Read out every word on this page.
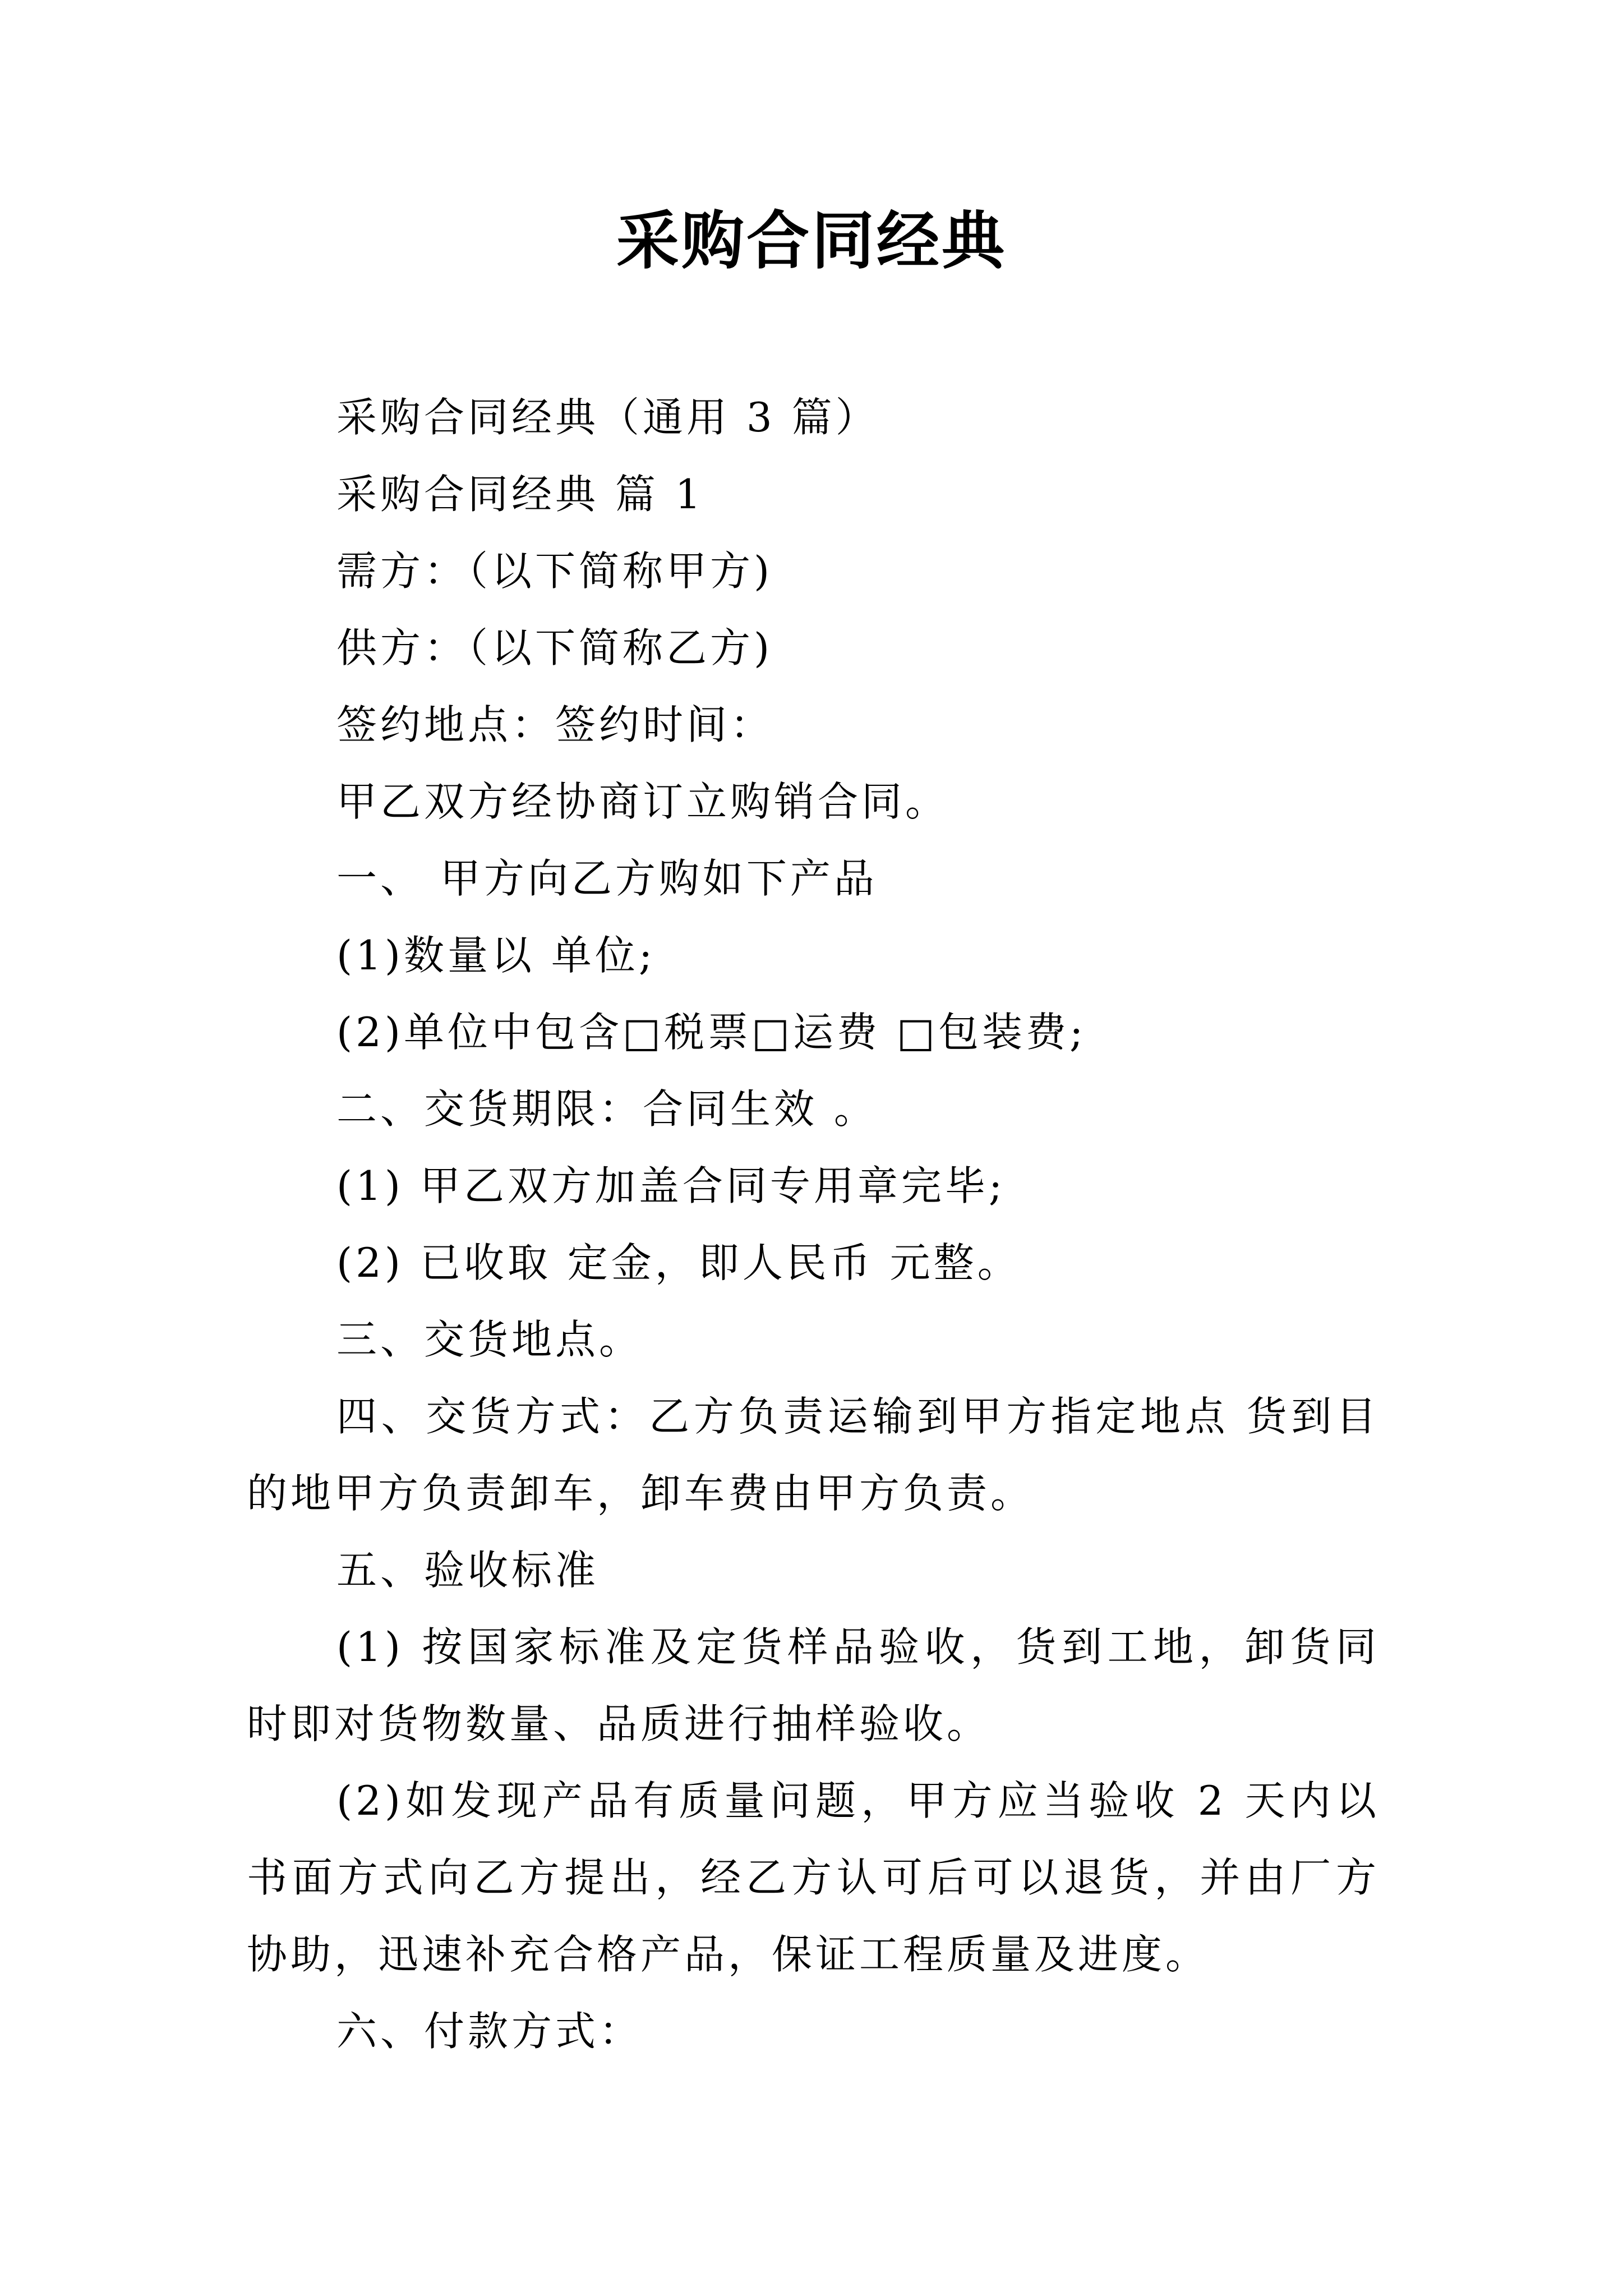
采购合同经典

采购合同经典（通用 3 篇）

采购合同经典 篇 1

需方：（以下简称甲方)

供方：（以下简称乙方)

签约地点：签约时间：

甲乙双方经协商订立购销合同。

一、 甲方向乙方购如下产品

(1)数量以 单位;

(2)单位中包含□税票□运费 □包装费;

二、交货期限：合同生效 。

(1) 甲乙双方加盖合同专用章完毕;

(2) 已收取 定金，即人民币 元整。

三、交货地点。

四、交货方式：乙方负责运输到甲方指定地点 货到目的地甲方负责卸车，卸车费由甲方负责。

五、验收标准

(1) 按国家标准及定货样品验收，货到工地，卸货同时即对货物数量、品质进行抽样验收。

(2)如发现产品有质量问题，甲方应当验收 2 天内以书面方式向乙方提出，经乙方认可后可以退货，并由厂方协助，迅速补充合格产品，保证工程质量及进度。

六、付款方式：
